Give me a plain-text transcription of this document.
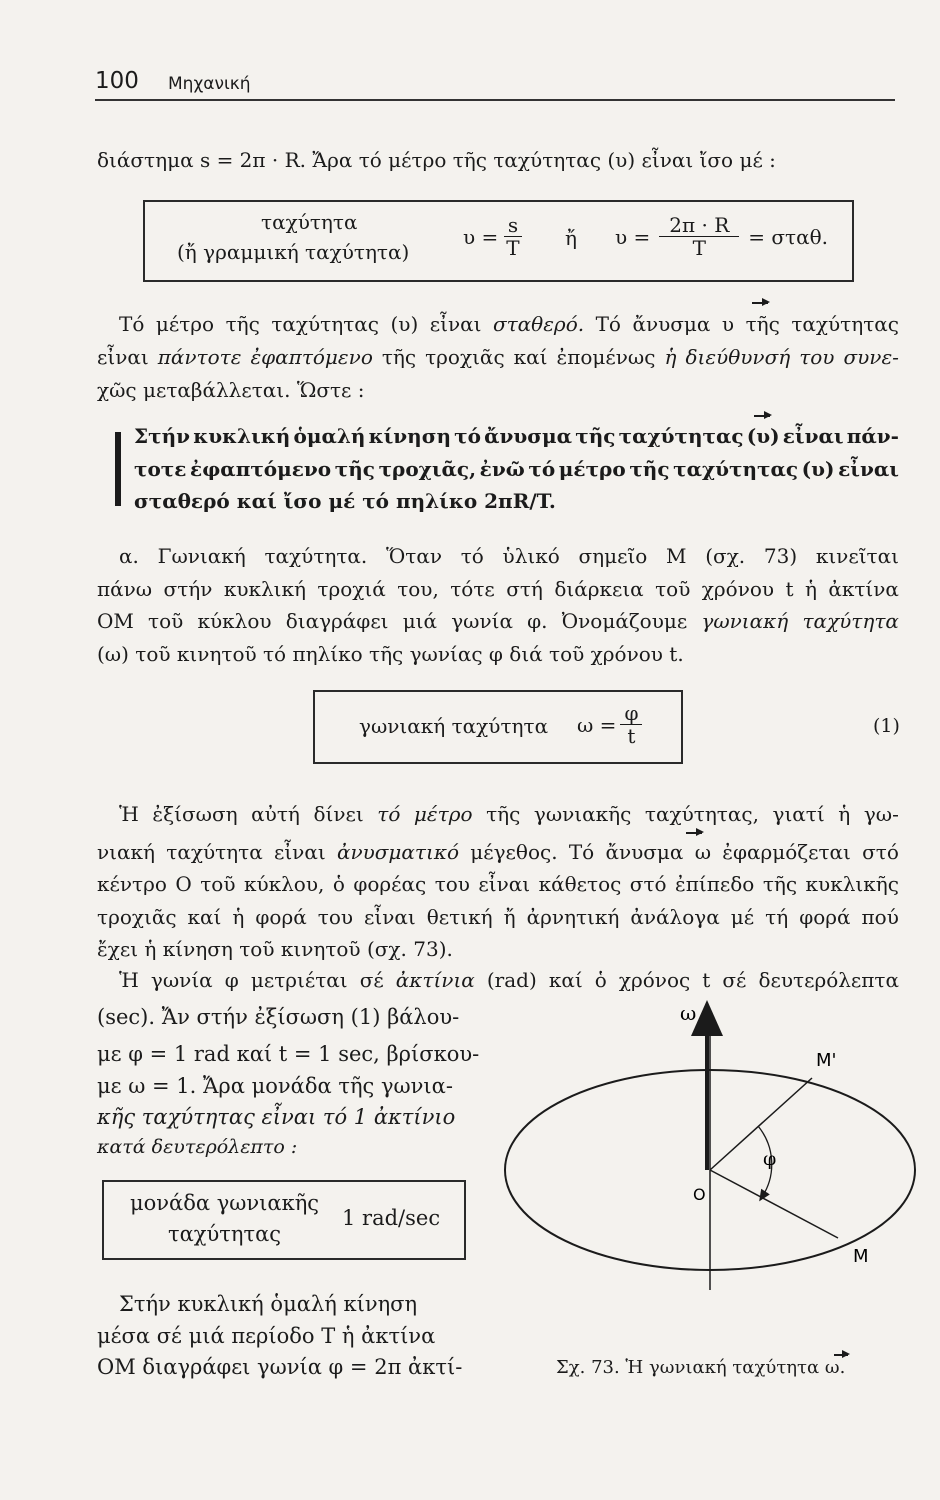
100 Μηχανική
διάστημα s = 2π · R. Ἄρα τό μέτρο τῆς ταχύτητας (υ) εἶναι ἴσο μέ :
ταχύτητα
(ἤ γραμμική ταχύτητα)
$\upsilon = \frac{s}{T}$ ἤ $\upsilon = \frac{2\pi \cdot R}{T} = \sigma\tau\alpha\theta$.
Τό μέτρο τῆς ταχύτητας (υ) εἶναι σταθερό. Τό ἄνυσμα υ τῆς ταχύτητας
εἶναι πάντοτε ἐφαπτόμενο τῆς τροχιᾶς καί ἐπομένως ἡ διεύθυνσή του συνε-
χῶς μεταβάλλεται. Ὥστε :
Στήν κυκλική ὁμαλή κίνηση τό ἄνυσμα τῆς ταχύτητας (υ) εἶναι πάν-
τοτε ἐφαπτόμενο τῆς τροχιᾶς, ἐνῶ τό μέτρο τῆς ταχύτητας (υ) εἶναι
σταθερό καί ἴσο μέ τό πηλίκο 2πR/T.
α. Γωνιακή ταχύτητα. Ὅταν τό ὑλικό σημεῖο Μ (σχ. 73) κινεῖται
πάνω στήν κυκλική τροχιά του, τότε στή διάρκεια τοῦ χρόνου t ἡ ἀκτίνα
ΟΜ τοῦ κύκλου διαγράφει μιά γωνία φ. Ὀνομάζουμε γωνιακή ταχύτητα
(ω) τοῦ κινητοῦ τό πηλίκο τῆς γωνίας φ διά τοῦ χρόνου t.
γωνιακή ταχύτητα $\omega = \frac{\varphi}{t}$	(1)
Ἡ ἐξίσωση αὐτή δίνει τό μέτρο τῆς γωνιακῆς ταχύτητας, γιατί ἡ γω-
νιακή ταχύτητα εἶναι ἀνυσματικό μέγεθος. Τό ἄνυσμα ω ἐφαρμόζεται στό
κέντρο Ο τοῦ κύκλου, ὁ φορέας του εἶναι κάθετος στό ἐπίπεδο τῆς κυκλικῆς
τροχιᾶς καί ἡ φορά του εἶναι θετική ἤ ἀρνητική ἀνάλογα μέ τή φορά πού
ἔχει ἡ κίνηση τοῦ κινητοῦ (σχ. 73).
Ἡ γωνία φ μετριέται σέ ἀκτίνια (rad) καί ὁ χρόνος t σέ δευτερόλεπτα
(sec). Ἄν στήν ἐξίσωση (1) βάλου-
με φ = 1 rad καί t = 1 sec, βρίσκου-
με ω = 1. Ἄρα μονάδα τῆς γωνια-
κῆς ταχύτητας εἶναι τό 1 ἀκτίνιο
κατά δευτερόλεπτο :
μονάδα γωνιακῆς
ταχύτητας
1 rad/sec
Στήν κυκλική ὁμαλή κίνηση
μέσα σέ μιά περίοδο T ἡ ἀκτίνα
ΟΜ διαγράφει γωνία φ = 2π ἀκτί-
ω
Μ'
φ
O
Μ
Σχ. 73. Ἡ γωνιακή ταχύτητα ω.
